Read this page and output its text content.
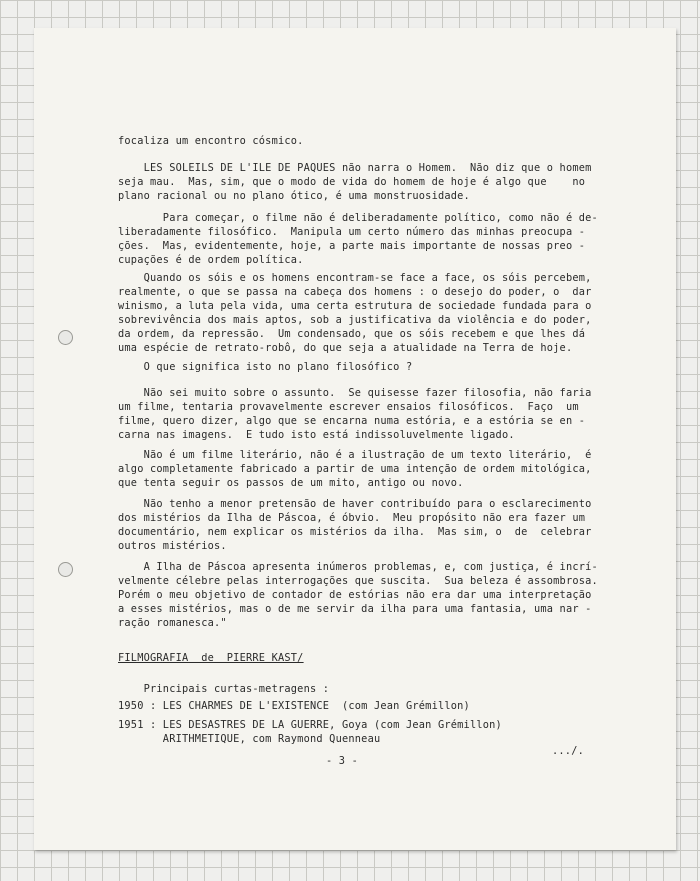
focaliza um encontro cósmico.

LES SOLEILS DE L'ILE DE PAQUES não narra o Homem.  Não diz que o homem

seja mau.  Mas, sim, que o modo de vida do homem de hoje é algo que    no

plano racional ou no plano ótico, é uma monstruosidade.

Para começar, o filme não é deliberadamente político, como não é de-

liberadamente filosófico.  Manipula um certo número das minhas preocupa -

ções.  Mas, evidentemente, hoje, a parte mais importante de nossas preo -

cupações é de ordem política.

Quando os sóis e os homens encontram-se face a face, os sóis percebem,

realmente, o que se passa na cabeça dos homens : o desejo do poder, o  dar

winismo, a luta pela vida, uma certa estrutura de sociedade fundada para o

sobrevivência dos mais aptos, sob a justificativa da violência e do poder,

da ordem, da repressão.  Um condensado, que os sóis recebem e que lhes dá

uma espécie de retrato-robô, do que seja a atualidade na Terra de hoje.

O que significa isto no plano filosófico ?

Não sei muito sobre o assunto.  Se quisesse fazer filosofia, não faria

um filme, tentaria provavelmente escrever ensaios filosóficos.  Faço  um

filme, quero dizer, algo que se encarna numa estória, e a estória se en -

carna nas imagens.  E tudo isto está indissoluvelmente ligado.

Não é um filme literário, não é a ilustração de um texto literário,  é

algo completamente fabricado a partir de uma intenção de ordem mitológica,

que tenta seguir os passos de um mito, antigo ou novo.

Não tenho a menor pretensão de haver contribuído para o esclarecimento

dos mistérios da Ilha de Páscoa, é óbvio.  Meu propósito não era fazer um

documentário, nem explicar os mistérios da ilha.  Mas sim, o  de  celebrar

outros mistérios.

A Ilha de Páscoa apresenta inúmeros problemas, e, com justiça, é incrí-

velmente célebre pelas interrogações que suscita.  Sua beleza é assombrosa.

Porém o meu objetivo de contador de estórias não era dar uma interpretação

a esses mistérios, mas o de me servir da ilha para uma fantasia, uma nar -

ração romanesca."

FILMOGRAFIA  de  PIERRE KAST/

Principais curtas-metragens :

1950 : LES CHARMES DE L'EXISTENCE  (com Jean Grémillon)

1951 : LES DESASTRES DE LA GUERRE, Goya (com Jean Grémillon)

ARITHMETIQUE, com Raymond Quenneau

.../.

- 3 -
